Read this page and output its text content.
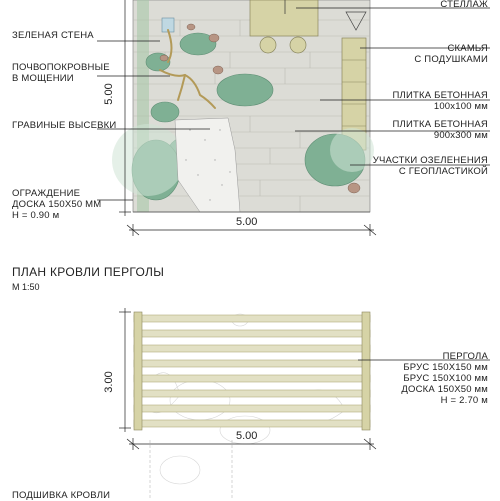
ЗЕЛЕНАЯ СТЕНА
ПОЧВОПОКРОВНЫЕ
В МОЩЕНИИ
ГРАВИНЫЕ ВЫСЕВКИ
ОГРАЖДЕНИЕ
ДОСКА 150X50 ММ
H = 0.90 м
СТЕЛЛАЖ
СКАМЬЯ
С ПОДУШКАМИ
ПЛИТКА БЕТОННАЯ
100x100 мм
ПЛИТКА БЕТОННАЯ
900x300 мм
УЧАСТКИ ОЗЕЛЕНЕНИЯ
С ГЕОПЛАСТИКОЙ
5.00
5.00
ПЛАН КРОВЛИ ПЕРГОЛЫ
М 1:50
ПЕРГОЛА
БРУС 150X150 мм
БРУС 150X100 мм
ДОСКА 150X50 мм
H = 2.70 м
3.00
5.00
ПОДШИВКА КРОВЛИ
